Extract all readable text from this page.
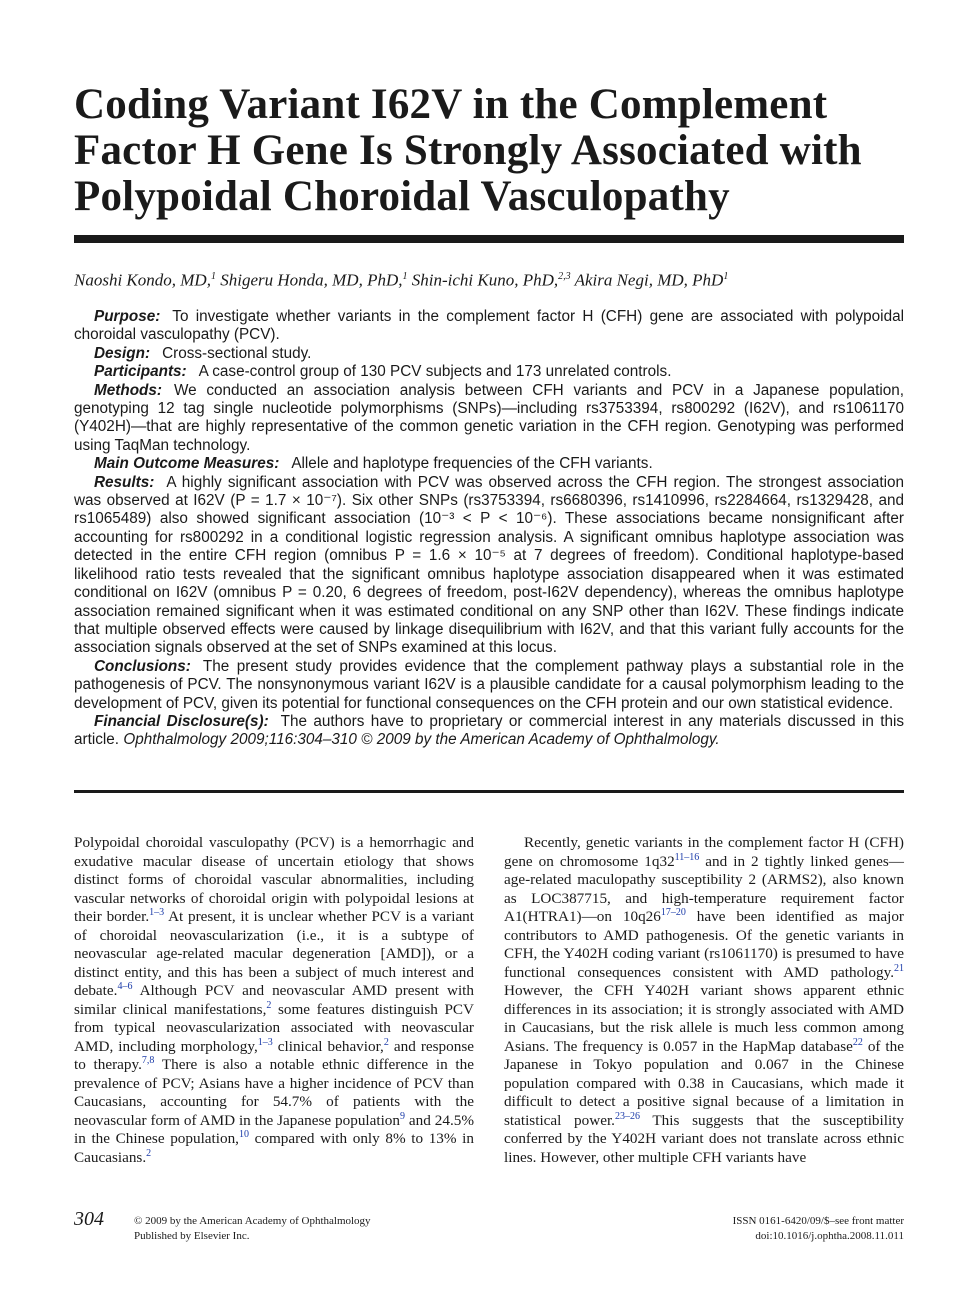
Coding Variant I62V in the Complement Factor H Gene Is Strongly Associated with Polypoidal Choroidal Vasculopathy
Naoshi Kondo, MD,$^1$ Shigeru Honda, MD, PhD,$^1$ Shin-ichi Kuno, PhD,$^{2,3}$ Akira Negi, MD, PhD$^1$

Purpose: To investigate whether variants in the complement factor H (CFH) gene are associated with polypoidal choroidal vasculopathy (PCV).

Design: Cross-sectional study.

Participants: A case-control group of 130 PCV subjects and 173 unrelated controls.

Methods: We conducted an association analysis between CFH variants and PCV in a Japanese population, genotyping 12 tag single nucleotide polymorphisms (SNPs)—including rs3753394, rs800292 (I62V), and rs1061170 (Y402H)—that are highly representative of the common genetic variation in the CFH region. Genotyping was performed using TaqMan technology.

Main Outcome Measures: Allele and haplotype frequencies of the CFH variants.

Results: A highly significant association with PCV was observed across the CFH region. The strongest association was observed at I62V (P = 1.7 × 10⁻⁷). Six other SNPs (rs3753394, rs6680396, rs1410996, rs2284664, rs1329428, and rs1065489) also showed significant association (10⁻³ < P < 10⁻⁶). These associations became nonsignificant after accounting for rs800292 in a conditional logistic regression analysis. A significant omnibus haplotype association was detected in the entire CFH region (omnibus P = 1.6 × 10⁻⁵ at 7 degrees of freedom). Conditional haplotype-based likelihood ratio tests revealed that the significant omnibus haplotype association disappeared when it was estimated conditional on I62V (omnibus P = 0.20, 6 degrees of freedom, post-I62V dependency), whereas the omnibus haplotype association remained significant when it was estimated conditional on any SNP other than I62V. These findings indicate that multiple observed effects were caused by linkage disequilibrium with I62V, and that this variant fully accounts for the association signals observed at the set of SNPs examined at this locus.

Conclusions: The present study provides evidence that the complement pathway plays a substantial role in the pathogenesis of PCV. The nonsynonymous variant I62V is a plausible candidate for a causal polymorphism leading to the development of PCV, given its potential for functional consequences on the CFH protein and our own statistical evidence.

Financial Disclosure(s): The authors have to proprietary or commercial interest in any materials discussed in this article. Ophthalmology 2009;116:304–310 © 2009 by the American Academy of Ophthalmology.

Polypoidal choroidal vasculopathy (PCV) is a hemorrhagic and exudative macular disease of uncertain etiology that shows distinct forms of choroidal vascular abnormalities, including vascular networks of choroidal origin with polypoidal lesions at their border.$^{1-3}$ At present, it is unclear whether PCV is a variant of choroidal neovascularization (i.e., it is a subtype of neovascular age-related macular degeneration [AMD]), or a distinct entity, and this has been a subject of much interest and debate.$^{4-6}$ Although PCV and neovascular AMD present with similar clinical manifestations,$^2$ some features distinguish PCV from typical neovascularization associated with neovascular AMD, including morphology,$^{1-3}$ clinical behavior,$^2$ and response to therapy.$^{7,8}$ There is also a notable ethnic difference in the prevalence of PCV; Asians have a higher incidence of PCV than Caucasians, accounting for 54.7% of patients with the neovascular form of AMD in the Japanese population$^9$ and 24.5% in the Chinese population,$^{10}$ compared with only 8% to 13% in Caucasians.$^2$

Recently, genetic variants in the complement factor H (CFH) gene on chromosome 1q32$^{11-16}$ and in 2 tightly linked genes—age-related maculopathy susceptibility 2 (ARMS2), also known as LOC387715, and high-temperature requirement factor A1(HTRA1)—on 10q26$^{17-20}$ have been identified as major contributors to AMD pathogenesis. Of the genetic variants in CFH, the Y402H coding variant (rs1061170) is presumed to have functional consequences consistent with AMD pathology.$^{21}$ However, the CFH Y402H variant shows apparent ethnic differences in its association; it is strongly associated with AMD in Caucasians, but the risk allele is much less common among Asians. The frequency is 0.057 in the HapMap database$^{22}$ of the Japanese in Tokyo population and 0.067 in the Chinese population compared with 0.38 in Caucasians, which made it difficult to detect a positive signal because of a limitation in statistical power.$^{23-26}$ This suggests that the susceptibility conferred by the Y402H variant does not translate across ethnic lines. However, other multiple CFH variants have

304	© 2009 by the American Academy of Ophthalmology
Published by Elsevier Inc.
ISSN 0161-6420/09/$–see front matter
doi:10.1016/j.ophtha.2008.11.011
